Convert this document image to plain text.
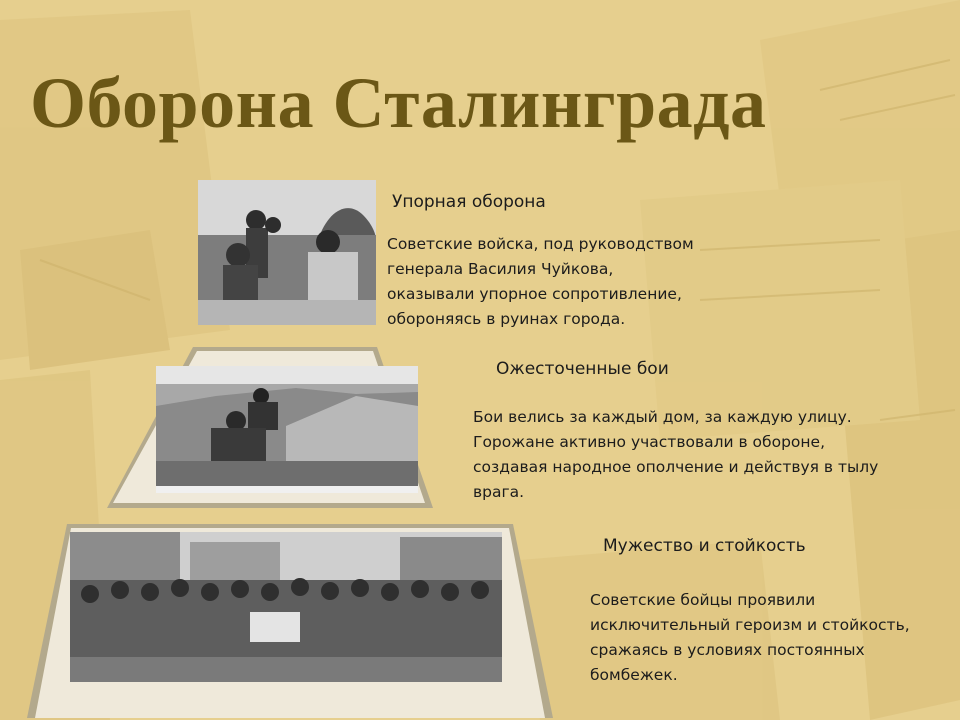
Оборона Сталинграда

Упорная оборона

Советские войска, под руководством генерала Василия Чуйкова, оказывали упорное сопротивление, обороняясь в руинах города.

Ожесточенные бои

Бои велись за каждый дом, за каждую улицу. Горожане активно участвовали в обороне, создавая народное ополчение и действуя в тылу врага.

Мужество и стойкость

Советские бойцы проявили исключительный героизм и стойкость, сражаясь в условиях постоянных бомбежек.
